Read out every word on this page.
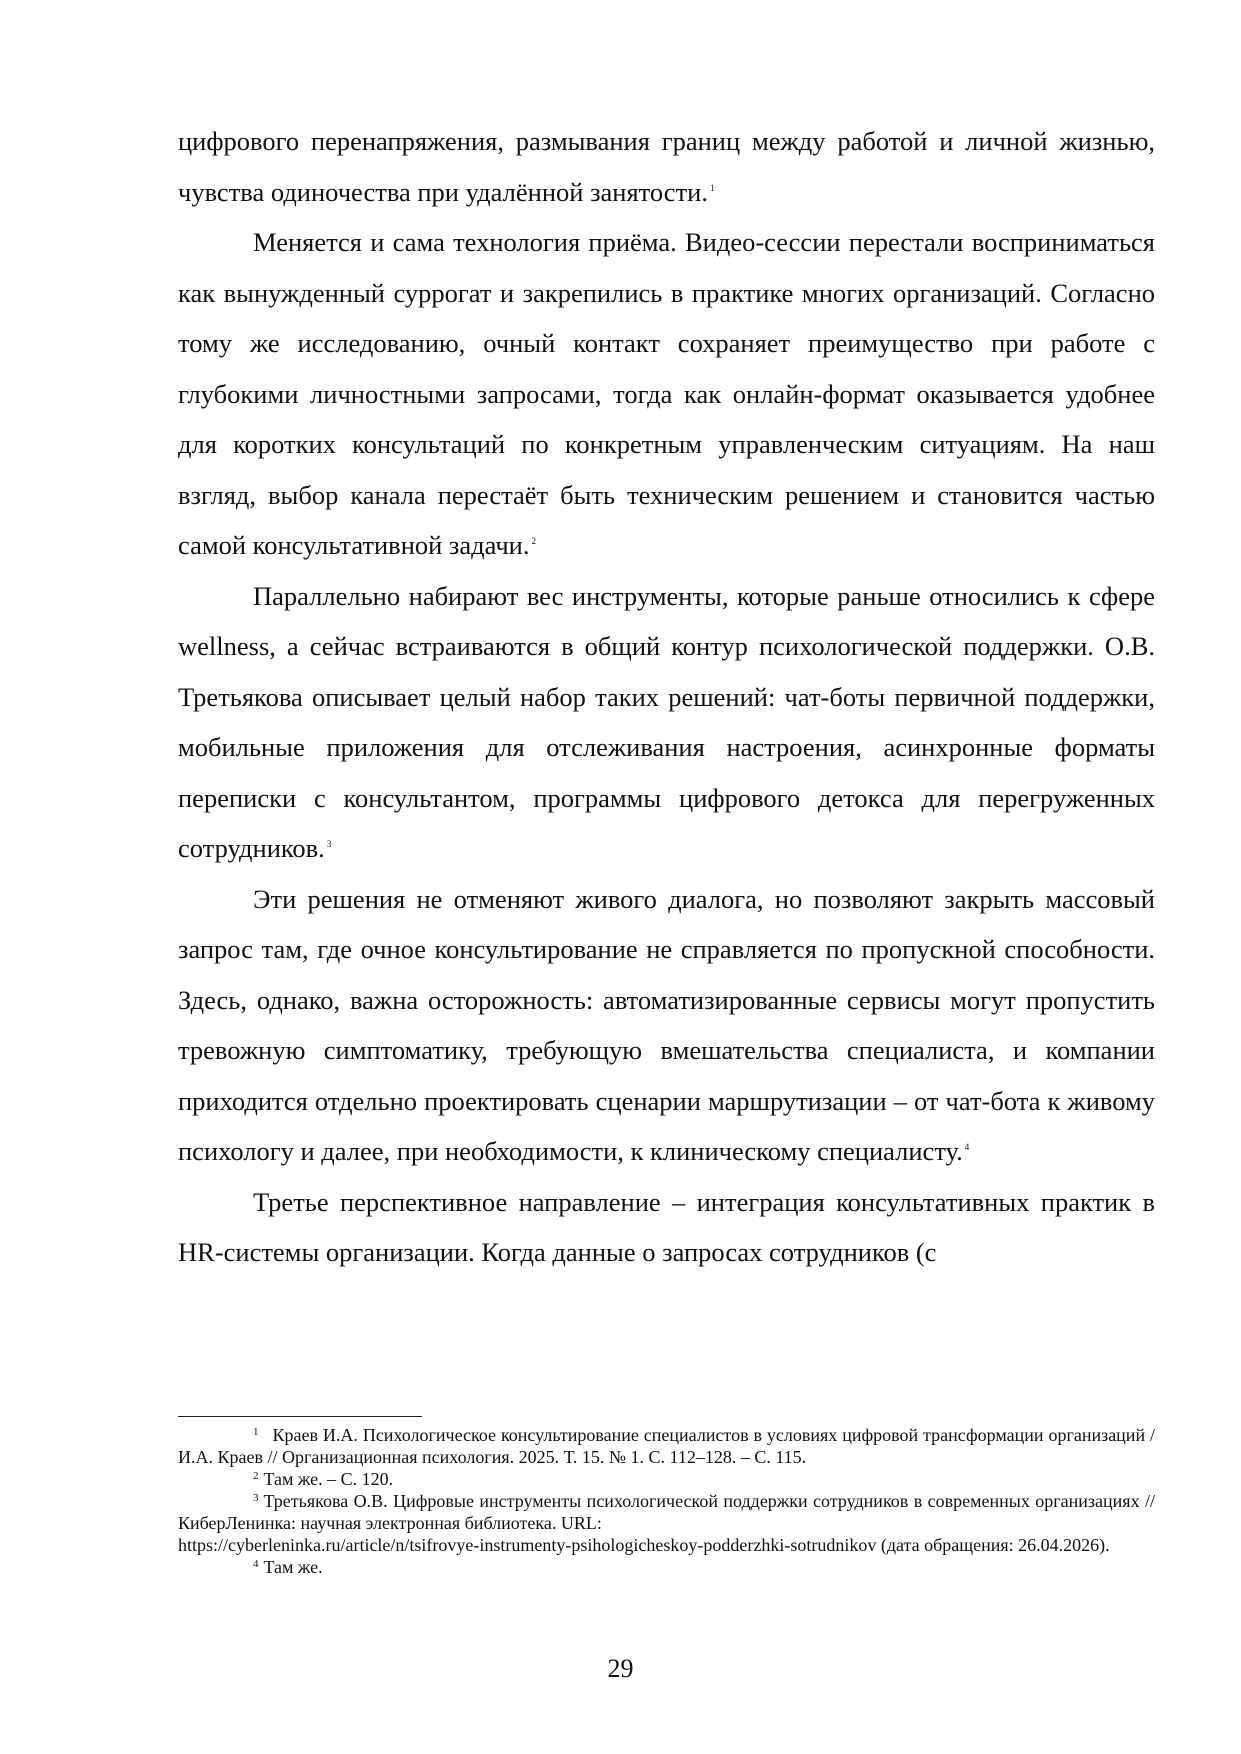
цифрового перенапряжения, размывания границ между работой и личной жизнью, чувства одиночества при удалённой занятости. $^1$

Меняется и сама технология приёма. Видео-сессии перестали восприниматься как вынужденный суррогат и закрепились в практике многих организаций. Согласно тому же исследованию, очный контакт сохраняет преимущество при работе с глубокими личностными запросами, тогда как онлайн-формат оказывается удобнее для коротких консультаций по конкретным управленческим ситуациям. На наш взгляд, выбор канала перестаёт быть техническим решением и становится частью самой консультативной задачи. $^2$

Параллельно набирают вес инструменты, которые раньше относились к сфере wellness, а сейчас встраиваются в общий контур психологической поддержки. О.В. Третьякова описывает целый набор таких решений: чат-боты первичной поддержки, мобильные приложения для отслеживания настроения, асинхронные форматы переписки с консультантом, программы цифрового детокса для перегруженных сотрудников. $^3$

Эти решения не отменяют живого диалога, но позволяют закрыть массовый запрос там, где очное консультирование не справляется по пропускной способности. Здесь, однако, важна осторожность: автоматизированные сервисы могут пропустить тревожную симптоматику, требующую вмешательства специалиста, и компании приходится отдельно проектировать сценарии маршрутизации – от чат-бота к живому психологу и далее, при необходимости, к клиническому специалисту. $^4$

Третье перспективное направление – интеграция консультативных практик в HR-системы организации. Когда данные о запросах сотрудников (с

$^1$ Краев И.А. Психологическое консультирование специалистов в условиях цифровой трансформации организаций / И.А. Краев // Организационная психология. 2025. Т. 15. № 1. С. 112–128. – С. 115.

$^2$ Там же. – С. 120.

$^3$ Третьякова О.В. Цифровые инструменты психологической поддержки сотрудников в современных организациях // КиберЛенинка: научная электронная библиотека. URL:
https://cyberleninka.ru/article/n/tsifrovye-instrumenty-psihologicheskoy-podderzhki-sotrudnikov (дата обращения: 26.04.2026).

$^4$ Там же.

29
